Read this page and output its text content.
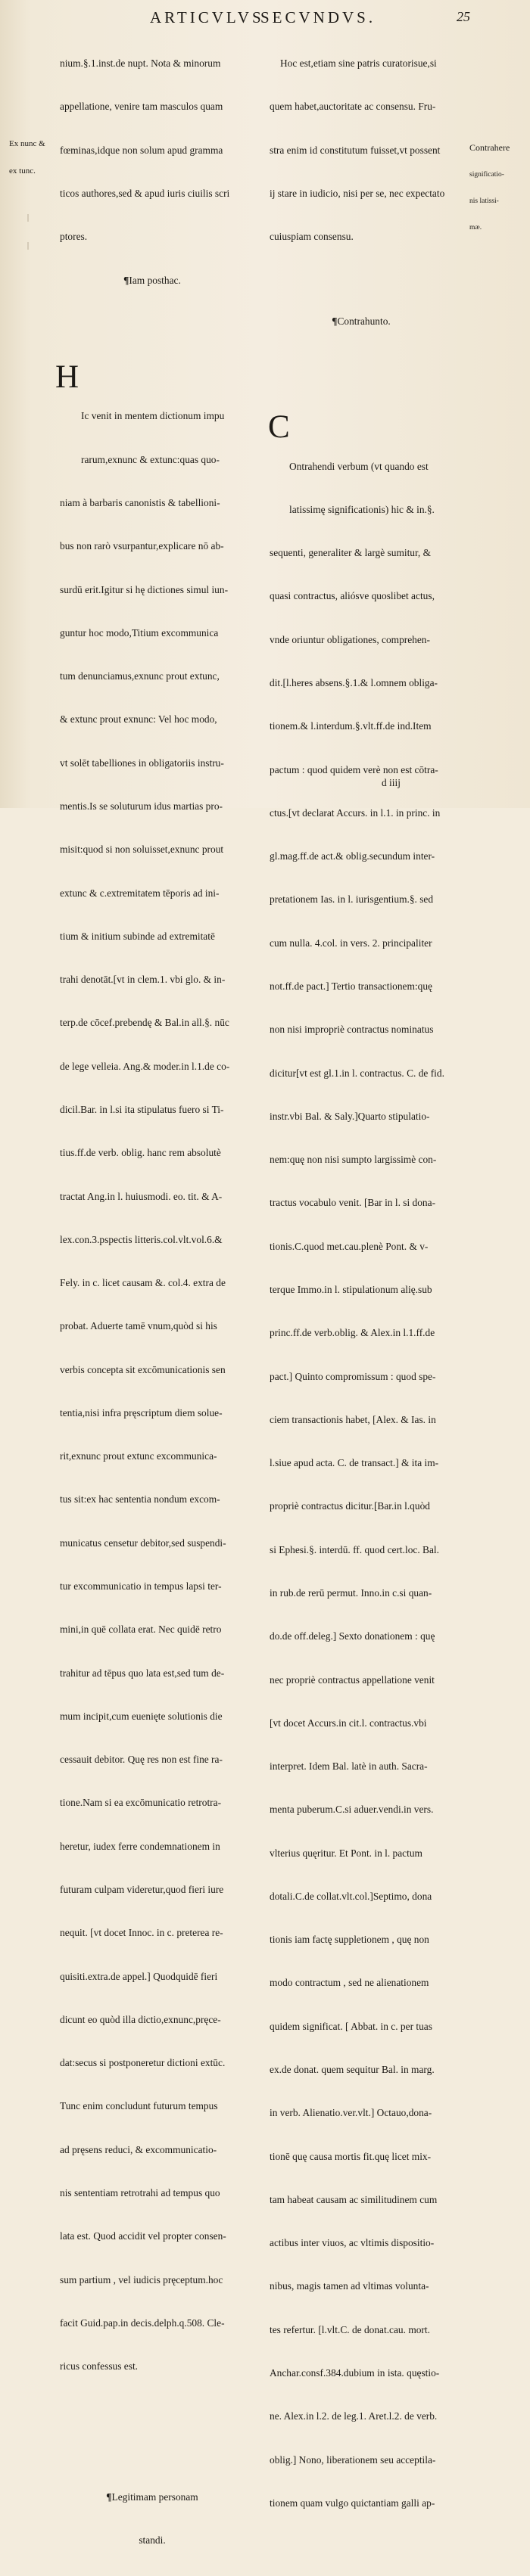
ARTICVLVS
SECVNDVS.	25

Ex nunc &

ex tunc.

Contrahere

significatio-

nis latissi-

mæ.

nium.§.1.inst.de nupt. Nota & minorum

appellatione, venire tam masculos quam

fœminas,idque non solum apud gramma

ticos authores,sed & apud iuris ciuilis scri

ptores.

¶Iam posthac.

H

Ic venit in mentem dictionum impu

rarum,exnunc & extunc:quas quo-

niam à barbaris canonistis & tabellioni-

bus non rarò vsurpantur,explicare nō ab-

surdū erit.Igitur si hę dictiones simul iun-

guntur hoc modo,Titium excommunica

tum denunciamus,exnunc prout extunc,

& extunc prout exnunc: Vel hoc modo,

vt solēt tabelliones in obligatoriis instru-

mentis.Is se soluturum idus martias pro-

misit:quod si non soluisset,exnunc prout

extunc & c.extremitatem tēporis ad ini-

tium & initium subinde ad extremitatē

trahi denotāt.[vt in clem.1. vbi glo. & in-

terp.de cōcef.prebendę & Bal.in all.§. nūc

de lege velleia. Ang.& moder.in l.1.de co-

dicil.Bar. in l.si ita stipulatus fuero si Ti-

tius.ff.de verb. oblig. hanc rem absolutè

tractat Ang.in l. huiusmodi. eo. tit. & A-

lex.con.3.pspectis litteris.col.vlt.vol.6.&

Fely. in c. licet causam &. col.4. extra de

probat. Aduerte tamē vnum,quòd si his

verbis concepta sit excōmunicationis sen

tentia,nisi infra pręscriptum diem solue-

rit,exnunc prout extunc excommunica-

tus sit:ex hac sententia nondum excom-

municatus censetur debitor,sed suspendi-

tur excommunicatio in tempus lapsi ter-

mini,in quē collata erat. Nec quidē retro

trahitur ad tēpus quo lata est,sed tum de-

mum incipit,cum euenięte solutionis die

cessauit debitor. Quę res non est fine ra-

tione.Nam si ea excōmunicatio retrotra-

heretur, iudex ferre condemnationem in

futuram culpam videretur,quod fieri iure

nequit. [vt docet Innoc. in c. preterea re-

quisiti.extra.de appel.] Quodquidē fieri

dicunt eo quòd illa dictio,exnunc,pręce-

dat:secus si postponeretur dictioni extūc.

Tunc enim concludunt futurum tempus

ad pręsens reduci, & excommunicatio-

nis sententiam retrotrahi ad tempus quo

lata est. Quod accidit vel propter consen-

sum partium , vel iudicis pręceptum.hoc

facit Guid.pap.in decis.delph.q.508. Cle-

ricus confessus est.

¶Legitimam personam

standi.

Hoc est,etiam sine patris curatorisue,si

quem habet,auctoritate ac consensu. Fru-

stra enim id constitutum fuisset,vt possent

ij stare in iudicio, nisi per se, nec expectato

cuiuspiam consensu.

¶Contrahunto.

C

Ontrahendi verbum (vt quando est

latissimę significationis) hic & in.§.

sequenti, generaliter & largè sumitur, &

quasi contractus, aliósve quoslibet actus,

vnde oriuntur obligationes, comprehen-

dit.[l.heres absens.§.1.& l.omnem obliga-

tionem.& l.interdum.§.vlt.ff.de ind.Item

pactum : quod quidem verè non est cōtra-

ctus.[vt declarat Accurs. in l.1. in princ. in

gl.mag.ff.de act.& oblig.secundum inter-

pretationem Ias. in l. iurisgentium.§. sed

cum nulla. 4.col. in vers. 2. principaliter

not.ff.de pact.] Tertio transactionem:quę

non nisi impropriè contractus nominatus

dicitur[vt est gl.1.in l. contractus. C. de fid.

instr.vbi Bal. & Saly.]Quarto stipulatio-

nem:quę non nisi sumpto largissimè con-

tractus vocabulo venit. [Bar in l. si dona-

tionis.C.quod met.cau.plenè Pont. & v-

terque Immo.in l. stipulationum alię.sub

princ.ff.de verb.oblig. & Alex.in l.1.ff.de

pact.] Quinto compromissum : quod spe-

ciem transactionis habet, [Alex. & Ias. in

l.siue apud acta. C. de transact.] & ita im-

propriè contractus dicitur.[Bar.in l.quòd

si Ephesi.§. interdū. ff. quod cert.loc. Bal.

in rub.de rerū permut. Inno.in c.si quan-

do.de off.deleg.] Sexto donationem : quę

nec propriè contractus appellatione venit

[vt docet Accurs.in cit.l. contractus.vbi

interpret. Idem Bal. latè in auth. Sacra-

menta puberum.C.si aduer.vendi.in vers.

vlterius quęritur. Et Pont. in l. pactum

dotali.C.de collat.vlt.col.]Septimo, dona

tionis iam factę suppletionem , quę non

modo contractum , sed ne alienationem

quidem significat. [ Abbat. in c. per tuas

ex.de donat. quem sequitur Bal. in marg.

in verb. Alienatio.ver.vlt.] Octauo,dona-

tionē quę causa mortis fit.quę licet mix-

tam habeat causam ac similitudinem cum

actibus inter viuos, ac vltimis dispositio-

nibus, magis tamen ad vltimas volunta-

tes refertur. [l.vlt.C. de donat.cau. mort.

Anchar.consf.384.dubium in ista. quęstio-

ne. Alex.in l.2. de leg.1. Aret.l.2. de verb.

oblig.] Nono, liberationem seu acceptila-

tionem quam vulgo quictantiam galli ap-

d iiij
